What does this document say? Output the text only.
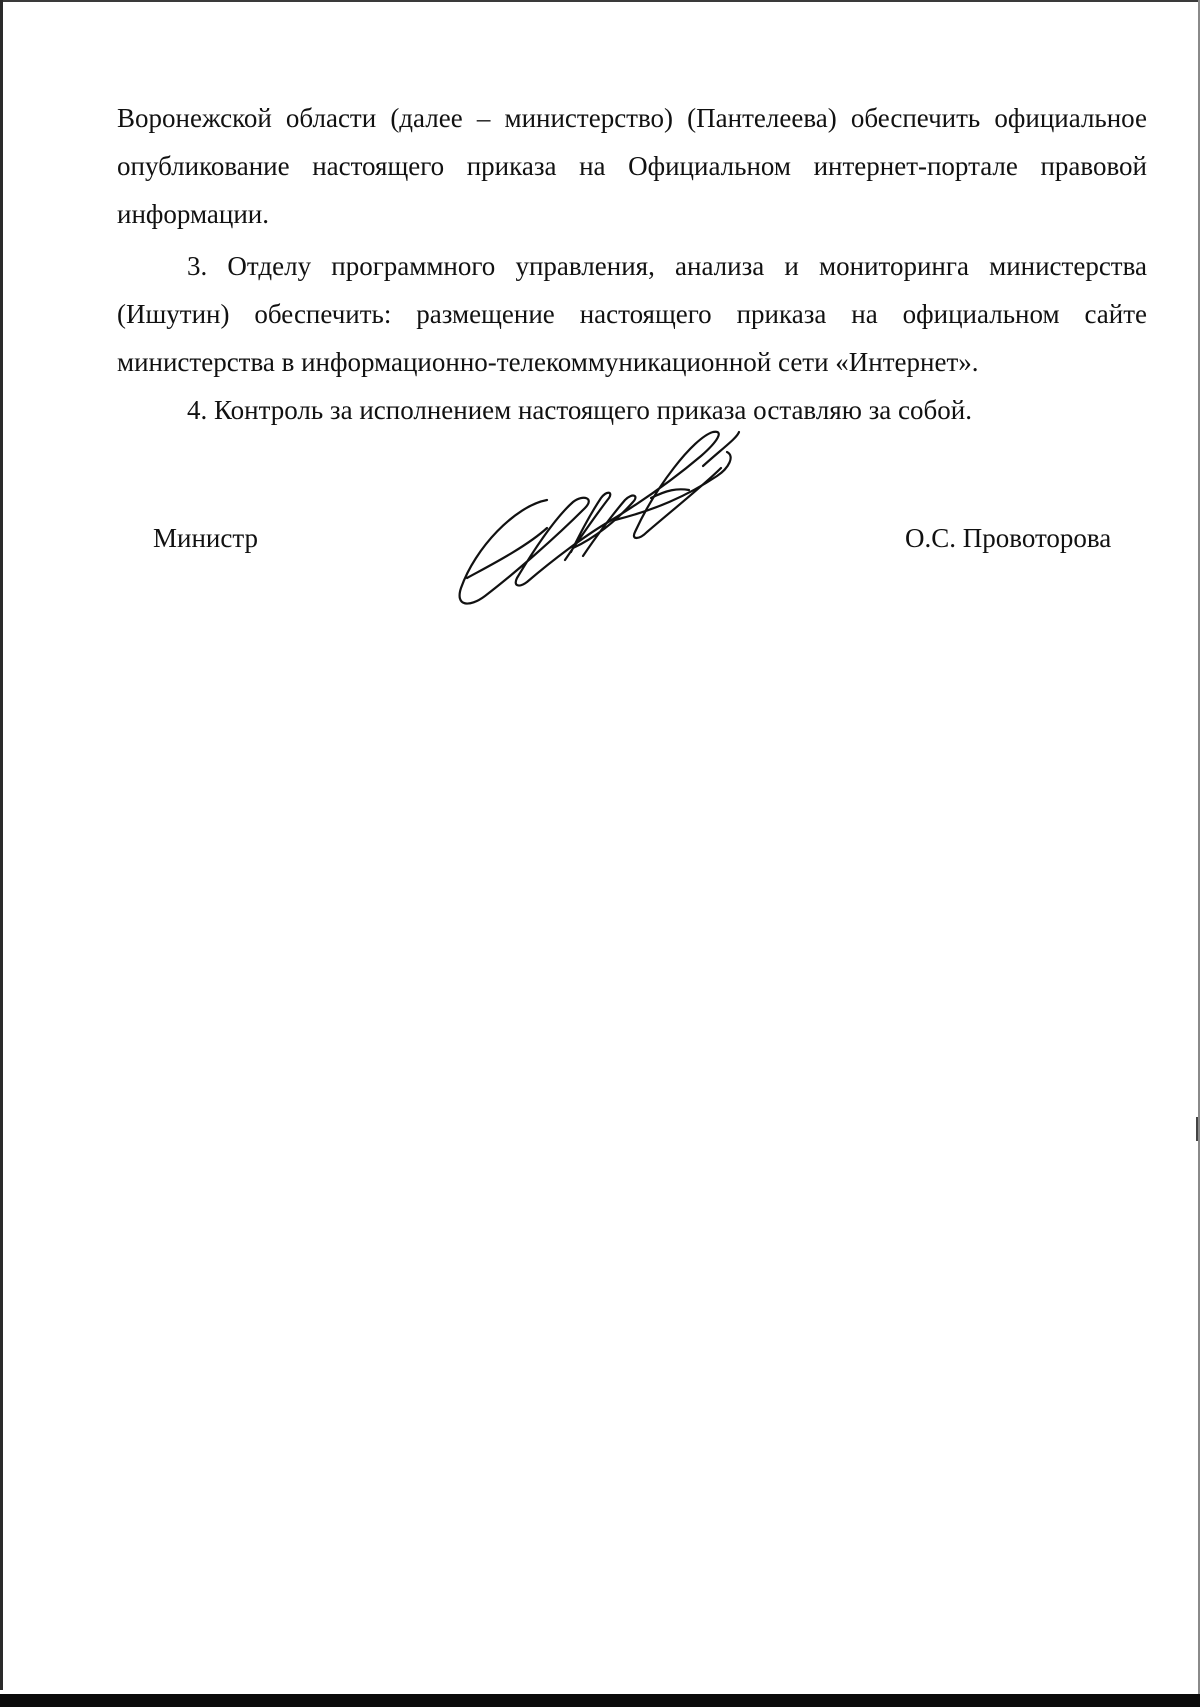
Воронежской области (далее – министерство) (Пантелеева) обеспечить официальное опубликование настоящего приказа на Официальном интернет-портале правовой информации.

3. Отделу программного управления, анализа и мониторинга министерства (Ишутин) обеспечить: размещение настоящего приказа на официальном сайте министерства в информационно-телекоммуникационной сети «Интернет».

4. Контроль за исполнением настоящего приказа оставляю за собой.

Министр	О.С. Провоторова
